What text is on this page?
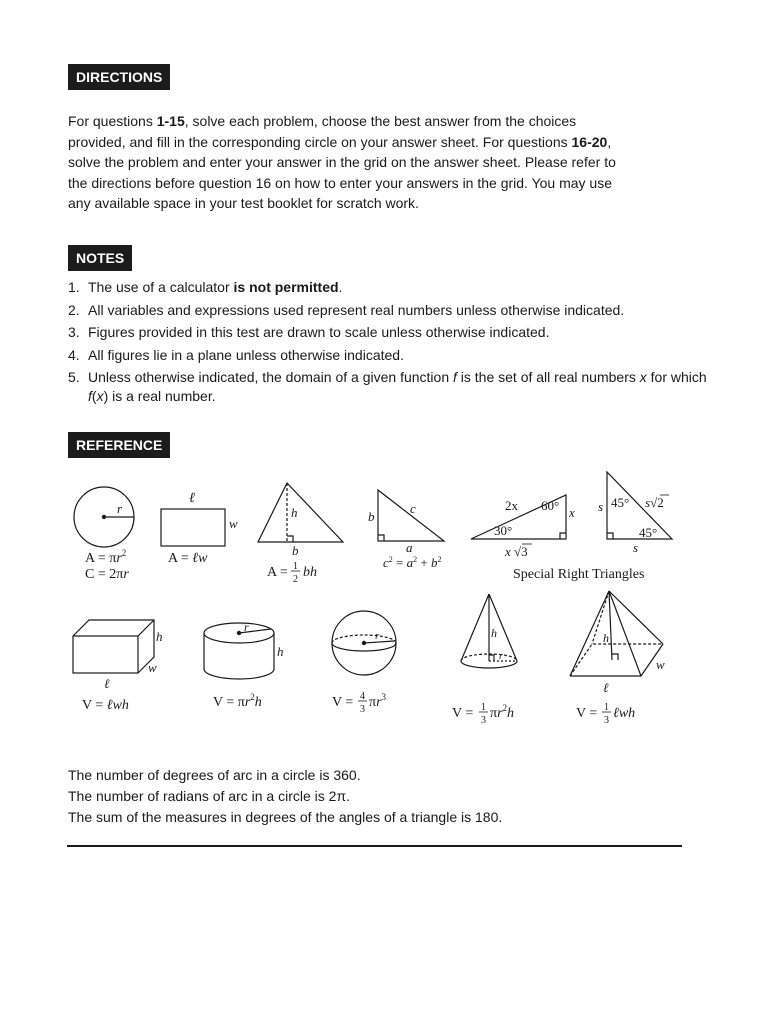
DIRECTIONS
For questions 1-15, solve each problem, choose the best answer from the choices
provided, and fill in the corresponding circle on your answer sheet. For questions 16-20,
solve the problem and enter your answer in the grid on the answer sheet. Please refer to
the directions before question 16 on how to enter your answers in the grid. You may use
any available space in your test booklet for scratch work.
NOTES
1. The use of a calculator is not permitted.
2. All variables and expressions used represent real numbers unless otherwise indicated.
3. Figures provided in this test are drawn to scale unless otherwise indicated.
4. All figures lie in a plane unless otherwise indicated.
5. Unless otherwise indicated, the domain of a given function f is the set of all real numbers x for which
f(x) is a real number.
REFERENCE
r
$A = \pi r^2$
C = 2πr
ℓ
w
A = ℓw
h
b
A = 1
2 bh
c
b
a
$c^2 = a^2 + b^2$
2x 60° x
30°
x √3
s 45° s√2
45°
s
Special Right Triangles
h
w
ℓ
V = ℓwh
r
h
$V = \pi r^2h$
r
V = 4
3 $\pi r^3$
h
r
V = 1
3 $\pi r^2h$
h
w
ℓ
V = 1
3 ℓwh
The number of degrees of arc in a circle is 360.
The number of radians of arc in a circle is 2π.
The sum of the measures in degrees of the angles of a triangle is 180.
